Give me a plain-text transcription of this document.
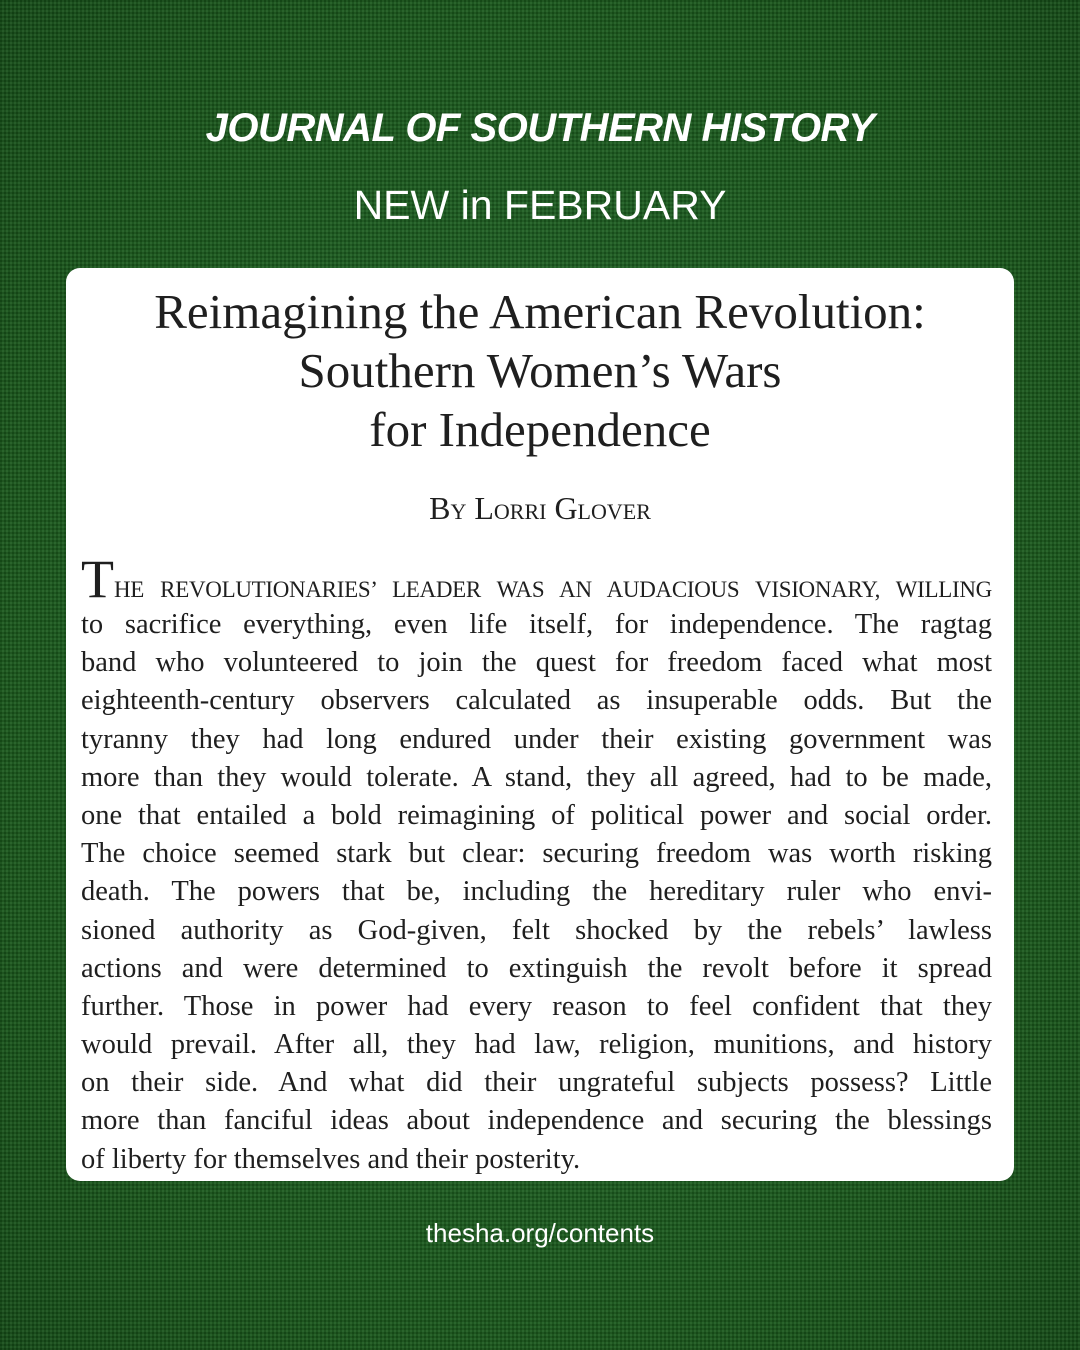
JOURNAL OF SOUTHERN HISTORY
NEW in FEBRUARY
Reimagining the American Revolution:
Southern Women’s Wars
for Independence
By Lorri Glover
T HE REVOLUTIONARIES’ LEADER WAS AN AUDACIOUS VISIONARY, WILLING
to sacrifice everything, even life itself, for independence. The ragtag
band who volunteered to join the quest for freedom faced what most
eighteenth-century observers calculated as insuperable odds. But the
tyranny they had long endured under their existing government was
more than they would tolerate. A stand, they all agreed, had to be made,
one that entailed a bold reimagining of political power and social order.
The choice seemed stark but clear: securing freedom was worth risking
death. The powers that be, including the hereditary ruler who envi-
sioned authority as God-given, felt shocked by the rebels’ lawless
actions and were determined to extinguish the revolt before it spread
further. Those in power had every reason to feel confident that they
would prevail. After all, they had law, religion, munitions, and history
on their side. And what did their ungrateful subjects possess? Little
more than fanciful ideas about independence and securing the blessings
of liberty for themselves and their posterity.
thesha.org/contents
